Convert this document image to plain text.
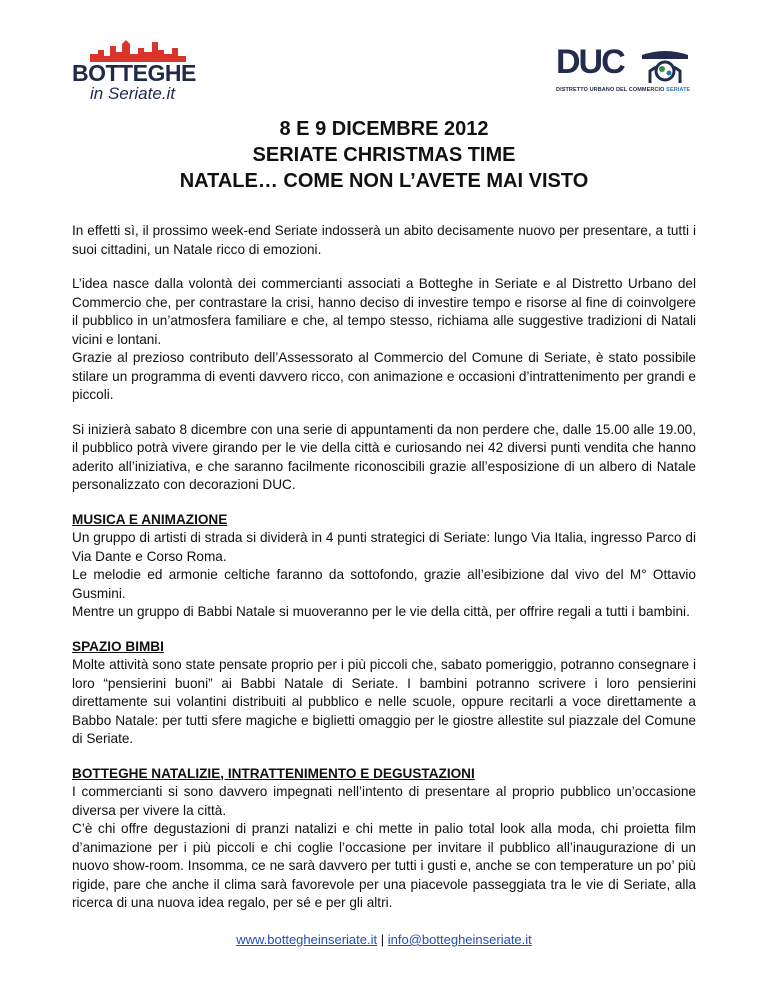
BOTTEGHE
in Seriate.it
DUC
DISTRETTO URBANO DEL COMMERCIO SERIATE
8 E 9 DICEMBRE 2012
SERIATE CHRISTMAS TIME
NATALE… COME NON L’AVETE MAI VISTO

In effetti sì, il prossimo week-end Seriate indosserà un abito decisamente nuovo per presentare, a tutti i suoi cittadini, un Natale ricco di emozioni.

L’idea nasce dalla volontà dei commercianti associati a Botteghe in Seriate e al Distretto Urbano del Commercio che, per contrastare la crisi, hanno deciso di investire tempo e risorse al fine di coinvolgere il pubblico in un’atmosfera familiare e che, al tempo stesso, richiama alle suggestive tradizioni di Natali vicini e lontani.

Grazie al prezioso contributo dell’Assessorato al Commercio del Comune di Seriate, è stato possibile stilare un programma di eventi davvero ricco, con animazione e occasioni d’intrattenimento per grandi e piccoli.

Si inizierà sabato 8 dicembre con una serie di appuntamenti da non perdere che, dalle 15.00 alle 19.00, il pubblico potrà vivere girando per le vie della città e curiosando nei 42 diversi punti vendita che hanno aderito all’iniziativa, e che saranno facilmente riconoscibili grazie all’esposizione di un albero di Natale personalizzato con decorazioni DUC.

MUSICA E ANIMAZIONE

Un gruppo di artisti di strada si dividerà in 4 punti strategici di Seriate: lungo Via Italia, ingresso Parco di Via Dante e Corso Roma.

Le melodie ed armonie celtiche faranno da sottofondo, grazie all’esibizione dal vivo del M° Ottavio Gusmini.

Mentre un gruppo di Babbi Natale si muoveranno per le vie della città, per offrire regali a tutti i bambini.

SPAZIO BIMBI

Molte attività sono state pensate proprio per i più piccoli che, sabato pomeriggio, potranno consegnare i loro “pensierini buoni” ai Babbi Natale di Seriate. I bambini potranno scrivere i loro pensierini direttamente sui volantini distribuiti al pubblico e nelle scuole, oppure recitarli a voce direttamente a Babbo Natale: per tutti sfere magiche e biglietti omaggio per le giostre allestite sul piazzale del Comune di Seriate.

BOTTEGHE NATALIZIE, INTRATTENIMENTO E DEGUSTAZIONI

I commercianti si sono davvero impegnati nell’intento di presentare al proprio pubblico un’occasione diversa per vivere la città.

C’è chi offre degustazioni di pranzi natalizi e chi mette in palio total look alla moda, chi proietta film d’animazione per i più piccoli e chi coglie l’occasione per invitare il pubblico all’inaugurazione di un nuovo show-room. Insomma, ce ne sarà davvero per tutti i gusti e, anche se con temperature un po’ più rigide, pare che anche il clima sarà favorevole per una piacevole passeggiata tra le vie di Seriate, alla ricerca di una nuova idea regalo, per sé e per gli altri.

www.bottegheinseriate.it | info@bottegheinseriate.it
